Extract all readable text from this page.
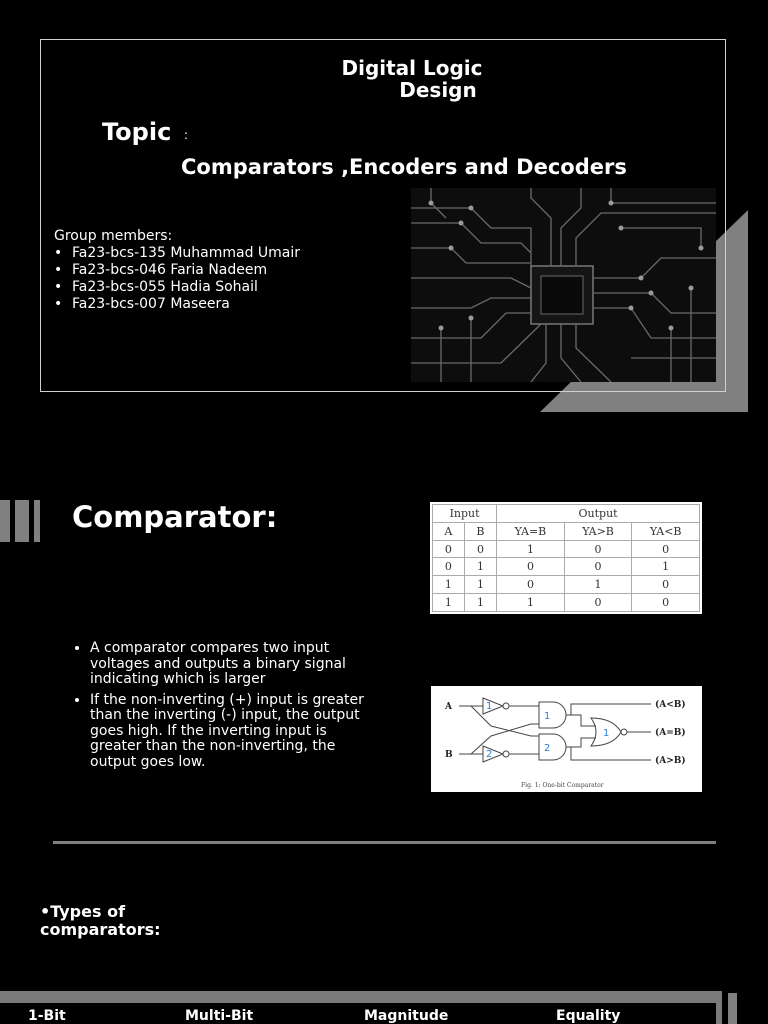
Digital Logic
Design
Topic :
Comparators ,Encoders and Decoders
Group members:
• Fa23-bcs-135 Muhammad Umair
• Fa23-bcs-046 Faria Nadeem
• Fa23-bcs-055 Hadia Sohail
• Fa23-bcs-007 Maseera
Comparator:	Input		Output		
A	B	YA=B	YA>B	YA<B
0	0	1	0	0
0	1	0	0	1
1	1	0	1	0
1	1	1	0	0
• A comparator compares two input voltages and outputs a binary signal indicating which is larger
• If the non-inverting (+) input is greater than the inverting (-) input, the output goes high. If the inverting input is greater than the non-inverting, the output goes low.
A
B
(A<B)
(A=B)
(A>B)
1
2
1
2
1
Fig. 1: One-bit Comparator
•Types of
comparators:
1-Bit	Multi-Bit	Magnitude	Equality
